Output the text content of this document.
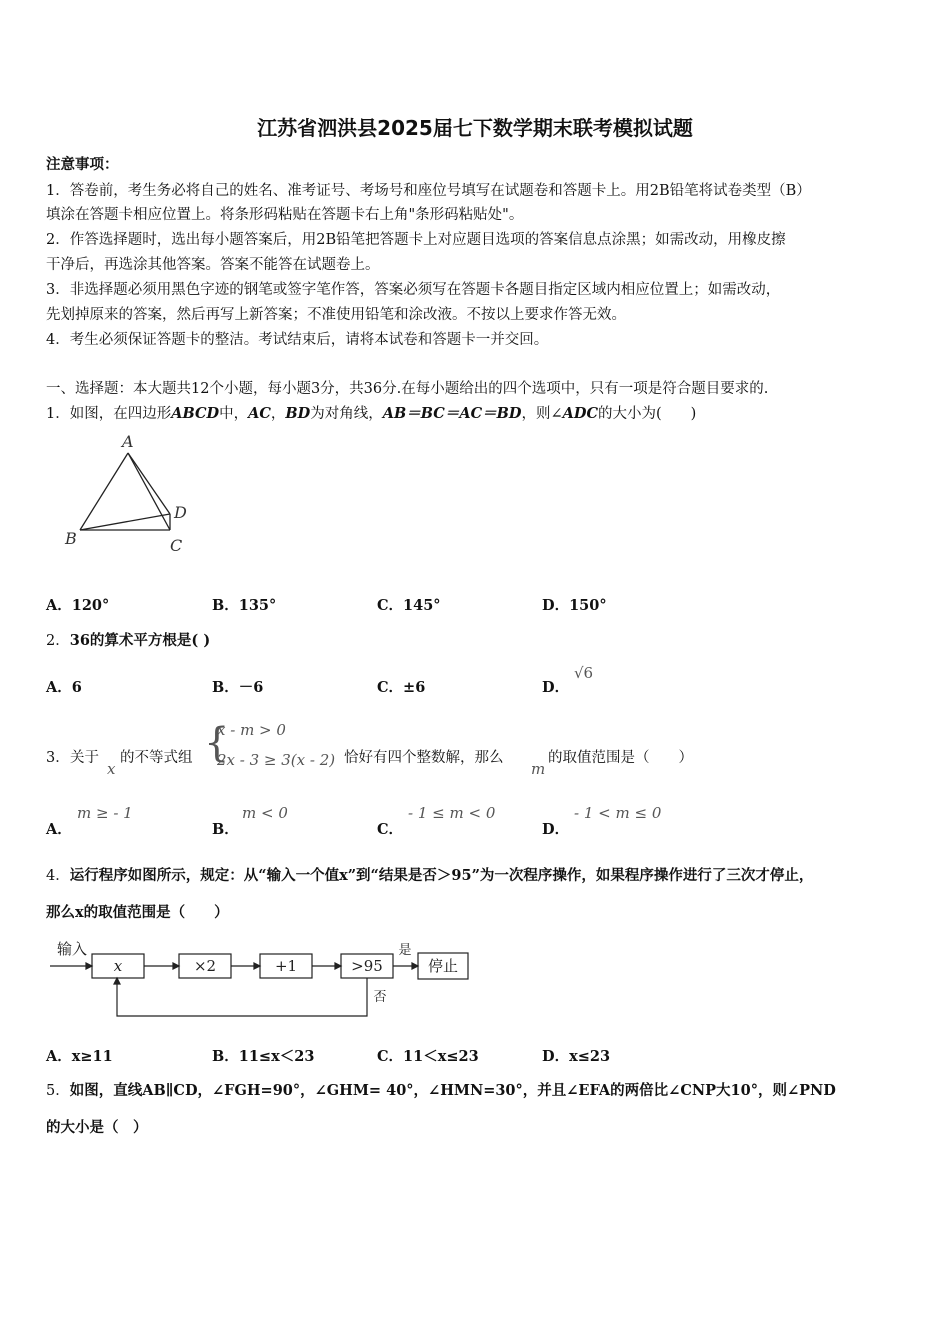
江苏省泗洪县2025届七下数学期末联考模拟试题
注意事项：
1．答卷前，考生务必将自己的姓名、准考证号、考场号和座位号填写在试题卷和答题卡上。用2B铅笔将试卷类型（B）
填涂在答题卡相应位置上。将条形码粘贴在答题卡右上角"条形码粘贴处"。
2．作答选择题时，选出每小题答案后，用2B铅笔把答题卡上对应题目选项的答案信息点涂黑；如需改动，用橡皮擦
干净后，再选涂其他答案。答案不能答在试题卷上。
3．非选择题必须用黑色字迹的钢笔或签字笔作答，答案必须写在答题卡各题目指定区域内相应位置上；如需改动，
先划掉原来的答案，然后再写上新答案；不准使用铅笔和涂改液。不按以上要求作答无效。
4．考生必须保证答题卡的整洁。考试结束后，请将本试卷和答题卡一并交回。
一、选择题：本大题共12个小题，每小题3分，共36分.在每小题给出的四个选项中，只有一项是符合题目要求的.
1．如图，在四边形ABCD中，AC，BD为对角线，AB＝BC＝AC＝BD，则∠ADC的大小为(　　)
A
B	C
D
A．120°	B．135°	C．145°	D．150°
2．36的算术平方根是( )
A．6	B．－6	C．±6	D．
√6
3． 关于
x
的不等式组 {
x - m > 0
2x - 3 ≥ 3(x - 2) 恰好有四个整数解，那么
m
的取值范围是（　　）
A．
m ≥ - 1
B．
m < 0
C．
- 1 ≤ m < 0
D．
- 1 < m ≤ 0
4．运行程序如图所示，规定：从“输入一个值x”到“结果是否＞95”为一次程序操作，如果程序操作进行了三次才停止，
那么x的取值范围是（　　）
输入
x	×2	+1	>95
是
停止
否
A．x≥11	B．11≤x＜23	C．11＜x≤23	D．x≤23
5．如图，直线AB∥CD，∠FGH=90°，∠GHM= 40°，∠HMN=30°，并且∠EFA的两倍比∠CNP大10°，则∠PND
的大小是（　）
